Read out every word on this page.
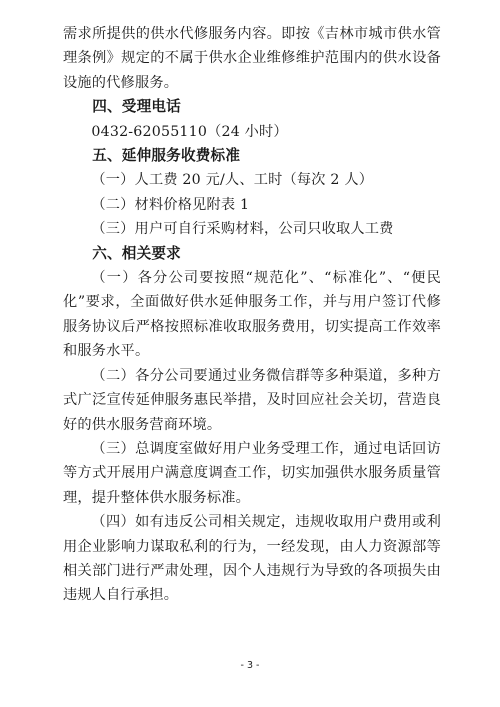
需求所提供的供水代修服务内容。即按《吉林市城市供水管理条例》规定的不属于供水企业维修维护范围内的供水设备设施的代修服务。

四、受理电话

0432-62055110（24 小时）

五、延伸服务收费标准

（一）人工费 20 元/人、工时（每次 2 人）

（二）材料价格见附表 1

（三）用户可自行采购材料，公司只收取人工费

六、相关要求

（一）各分公司要按照“规范化”、“标准化”、“便民化”要求，全面做好供水延伸服务工作，并与用户签订代修服务协议后严格按照标准收取服务费用，切实提高工作效率和服务水平。

（二）各分公司要通过业务微信群等多种渠道，多种方式广泛宣传延伸服务惠民举措，及时回应社会关切，营造良好的供水服务营商环境。

（三）总调度室做好用户业务受理工作，通过电话回访等方式开展用户满意度调查工作，切实加强供水服务质量管理，提升整体供水服务标准。

（四）如有违反公司相关规定，违规收取用户费用或利用企业影响力谋取私利的行为，一经发现，由人力资源部等相关部门进行严肃处理，因个人违规行为导致的各项损失由违规人自行承担。

- 3 -
